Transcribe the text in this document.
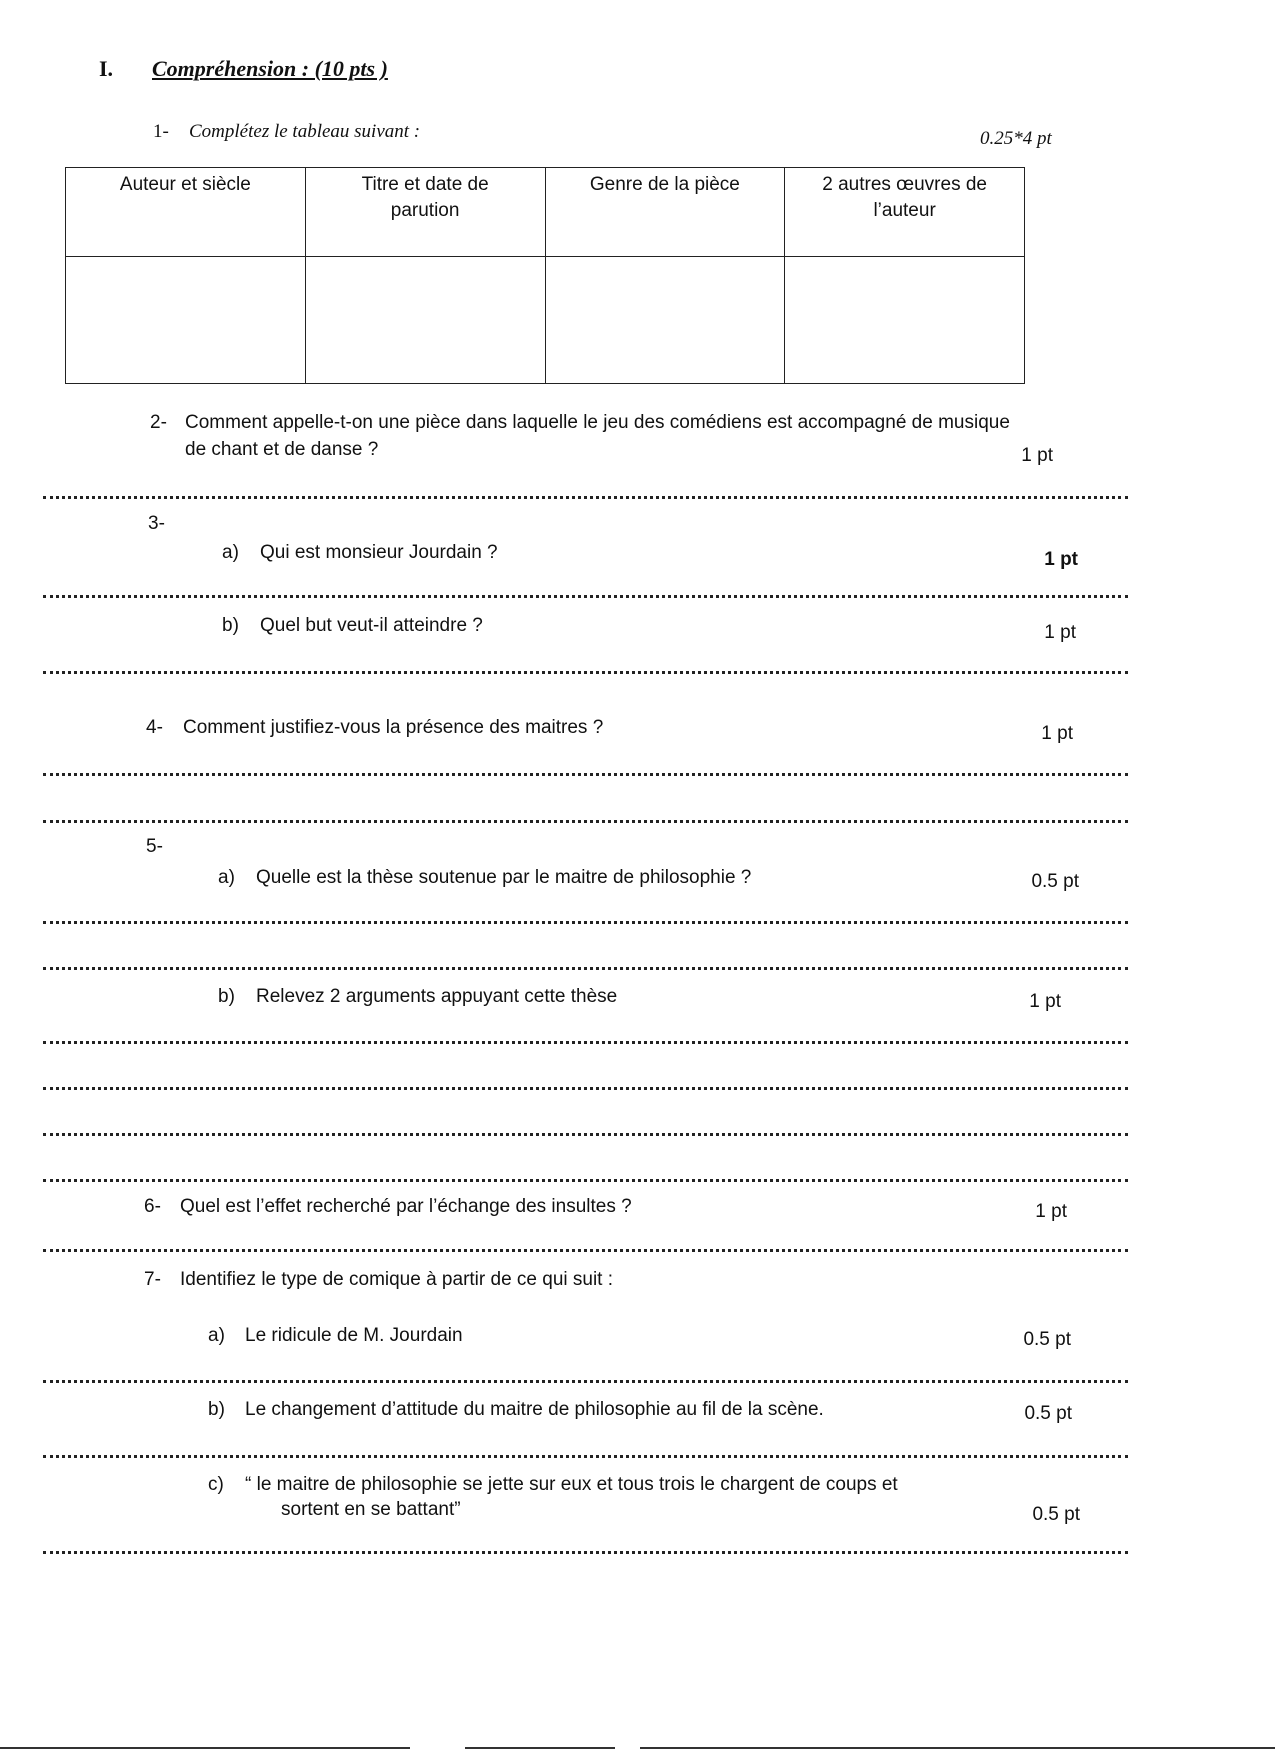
I. Compréhension : (10 pts )
1- Complétez le tableau suivant :	0.25*4 pt
Auteur et siècle	Titre et date de parution	Genre de la pièce	2 autres œuvres de l’auteur

2- Comment appelle-t-on une pièce dans laquelle le jeu des comédiens est accompagné de musique
de chant et de danse ?	1 pt
3-
a) Qui est monsieur Jourdain ?	1 pt
b) Quel but veut-il atteindre ?	1 pt
4- Comment justifiez-vous la présence des maitres ?	1 pt
5-
a) Quelle est la thèse soutenue par le maitre de philosophie ?	0.5 pt
b) Relevez 2 arguments appuyant cette thèse	1 pt
6- Quel est l’effet recherché par l’échange des insultes ?	1 pt
7- Identifiez le type de comique à partir de ce qui suit :
a) Le ridicule de M. Jourdain	0.5 pt
b) Le changement d’attitude du maitre de philosophie au fil de la scène.	0.5 pt
c) “ le maitre de philosophie se jette sur eux et tous trois le chargent de coups et
sortent en se battant”	0.5 pt
